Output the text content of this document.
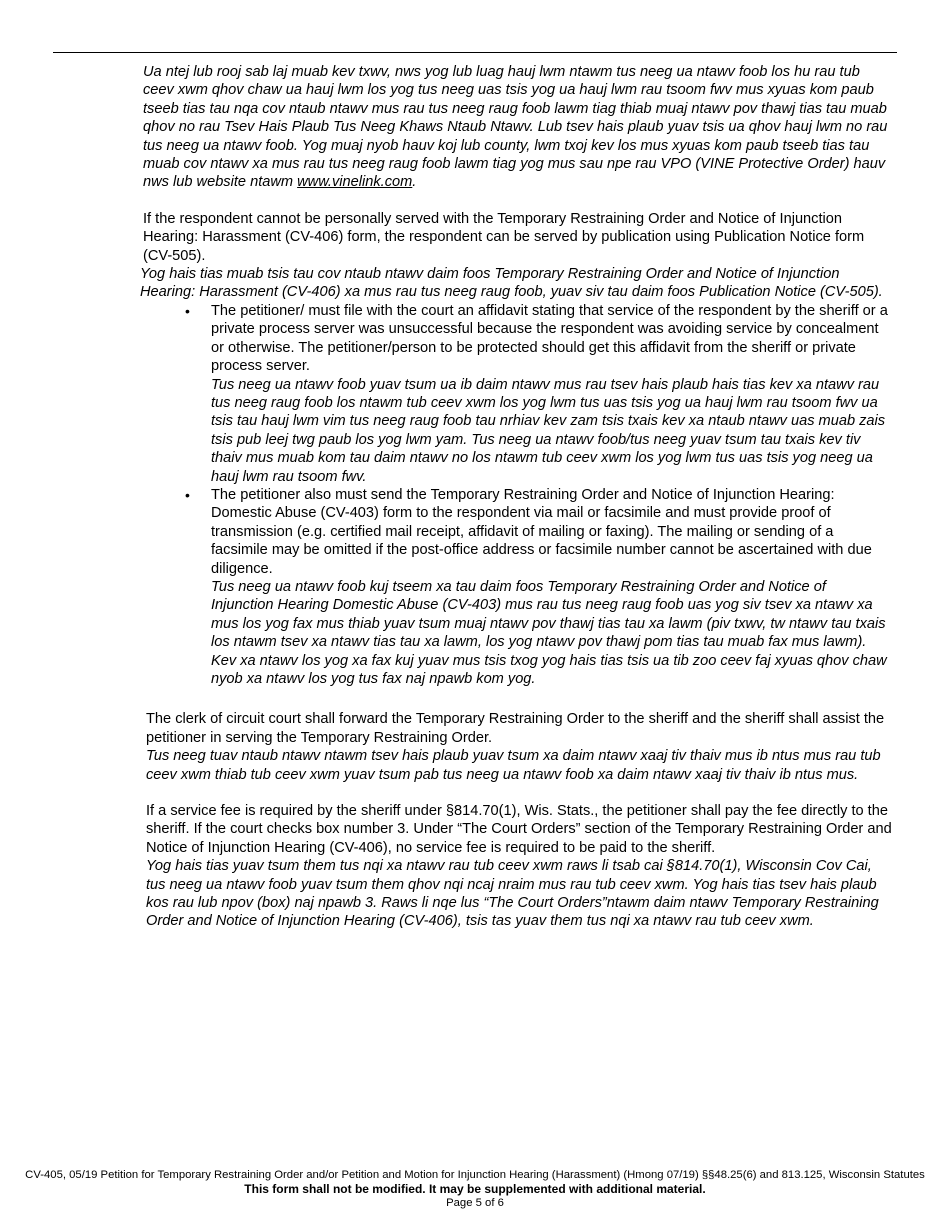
Ua ntej lub rooj sab laj muab kev txwv, nws yog lub luag hauj lwm ntawm tus neeg ua ntawv foob los hu rau tub ceev xwm qhov chaw ua hauj lwm los yog tus neeg uas tsis yog ua hauj lwm rau tsoom fwv mus xyuas kom paub tseeb tias tau nqa cov ntaub ntawv mus rau tus neeg raug foob lawm tiag thiab muaj ntawv pov thawj tias tau muab qhov no rau Tsev Hais Plaub Tus Neeg Khaws Ntaub Ntawv. Lub tsev hais plaub yuav tsis ua qhov hauj lwm no rau tus neeg ua ntawv foob. Yog muaj nyob hauv koj lub county, lwm txoj kev los mus xyuas kom paub tseeb tias tau muab cov ntawv xa mus rau tus neeg raug foob lawm tiag yog mus sau npe rau VPO (VINE Protective Order) hauv nws lub website ntawm www.vinelink.com.

If the respondent cannot be personally served with the Temporary Restraining Order and Notice of Injunction Hearing: Harassment (CV-406) form, the respondent can be served by publication using Publication Notice form (CV-505).

Yog hais tias muab tsis tau cov ntaub ntawv daim foos Temporary Restraining Order and Notice of Injunction Hearing: Harassment (CV-406) xa mus rau tus neeg raug foob, yuav siv tau daim foos Publication Notice (CV-505).

• The petitioner/ must file with the court an affidavit stating that service of the respondent by the sheriff or a private process server was unsuccessful because the respondent was avoiding service by concealment or otherwise. The petitioner/person to be protected should get this affidavit from the sheriff or private process server.

Tus neeg ua ntawv foob yuav tsum ua ib daim ntawv mus rau tsev hais plaub hais tias kev xa ntawv rau tus neeg raug foob los ntawm tub ceev xwm los yog lwm tus uas tsis yog ua hauj lwm rau tsoom fwv ua tsis tau hauj lwm vim tus neeg raug foob tau nrhiav kev zam tsis txais kev xa ntaub ntawv uas muab zais tsis pub leej twg paub los yog lwm yam. Tus neeg ua ntawv foob/tus neeg yuav tsum tau txais kev tiv thaiv mus muab kom tau daim ntawv no los ntawm tub ceev xwm los yog lwm tus uas tsis yog neeg ua hauj lwm rau tsoom fwv.

• The petitioner also must send the Temporary Restraining Order and Notice of Injunction Hearing: Domestic Abuse (CV-403) form to the respondent via mail or facsimile and must provide proof of transmission (e.g. certified mail receipt, affidavit of mailing or faxing). The mailing or sending of a facsimile may be omitted if the post-office address or facsimile number cannot be ascertained with due diligence.

Tus neeg ua ntawv foob kuj tseem xa tau daim foos Temporary Restraining Order and Notice of Injunction Hearing Domestic Abuse (CV-403) mus rau tus neeg raug foob uas yog siv tsev xa ntawv xa mus los yog fax mus thiab yuav tsum muaj ntawv pov thawj tias tau xa lawm (piv txwv, tw ntawv tau txais los ntawm tsev xa ntawv tias tau xa lawm, los yog ntawv pov thawj pom tias tau muab fax mus lawm). Kev xa ntawv los yog xa fax kuj yuav mus tsis txog yog hais tias tsis ua tib zoo ceev faj xyuas qhov chaw nyob xa ntawv los yog tus fax naj npawb kom yog.

The clerk of circuit court shall forward the Temporary Restraining Order to the sheriff and the sheriff shall assist the petitioner in serving the Temporary Restraining Order.

Tus neeg tuav ntaub ntawv ntawm tsev hais plaub yuav tsum xa daim ntawv xaaj tiv thaiv mus ib ntus mus rau tub ceev xwm thiab tub ceev xwm yuav tsum pab tus neeg ua ntawv foob xa daim ntawv xaaj tiv thaiv ib ntus mus.

If a service fee is required by the sheriff under §814.70(1), Wis. Stats., the petitioner shall pay the fee directly to the sheriff. If the court checks box number 3. Under “The Court Orders” section of the Temporary Restraining Order and Notice of Injunction Hearing (CV-406), no service fee is required to be paid to the sheriff.

Yog hais tias yuav tsum them tus nqi xa ntawv rau tub ceev xwm raws li tsab cai §814.70(1), Wisconsin Cov Cai, tus neeg ua ntawv foob yuav tsum them qhov nqi ncaj nraim mus rau tub ceev xwm. Yog hais tias tsev hais plaub kos rau lub npov (box) naj npawb 3. Raws li nqe lus “The Court Orders”ntawm daim ntawv Temporary Restraining Order and Notice of Injunction Hearing (CV-406), tsis tas yuav them tus nqi xa ntawv rau tub ceev xwm.

CV-405, 05/19 Petition for Temporary Restraining Order and/or Petition and Motion for Injunction Hearing (Harassment) (Hmong 07/19) §§48.25(6) and 813.125, Wisconsin Statutes
This form shall not be modified. It may be supplemented with additional material.
Page 5 of 6
